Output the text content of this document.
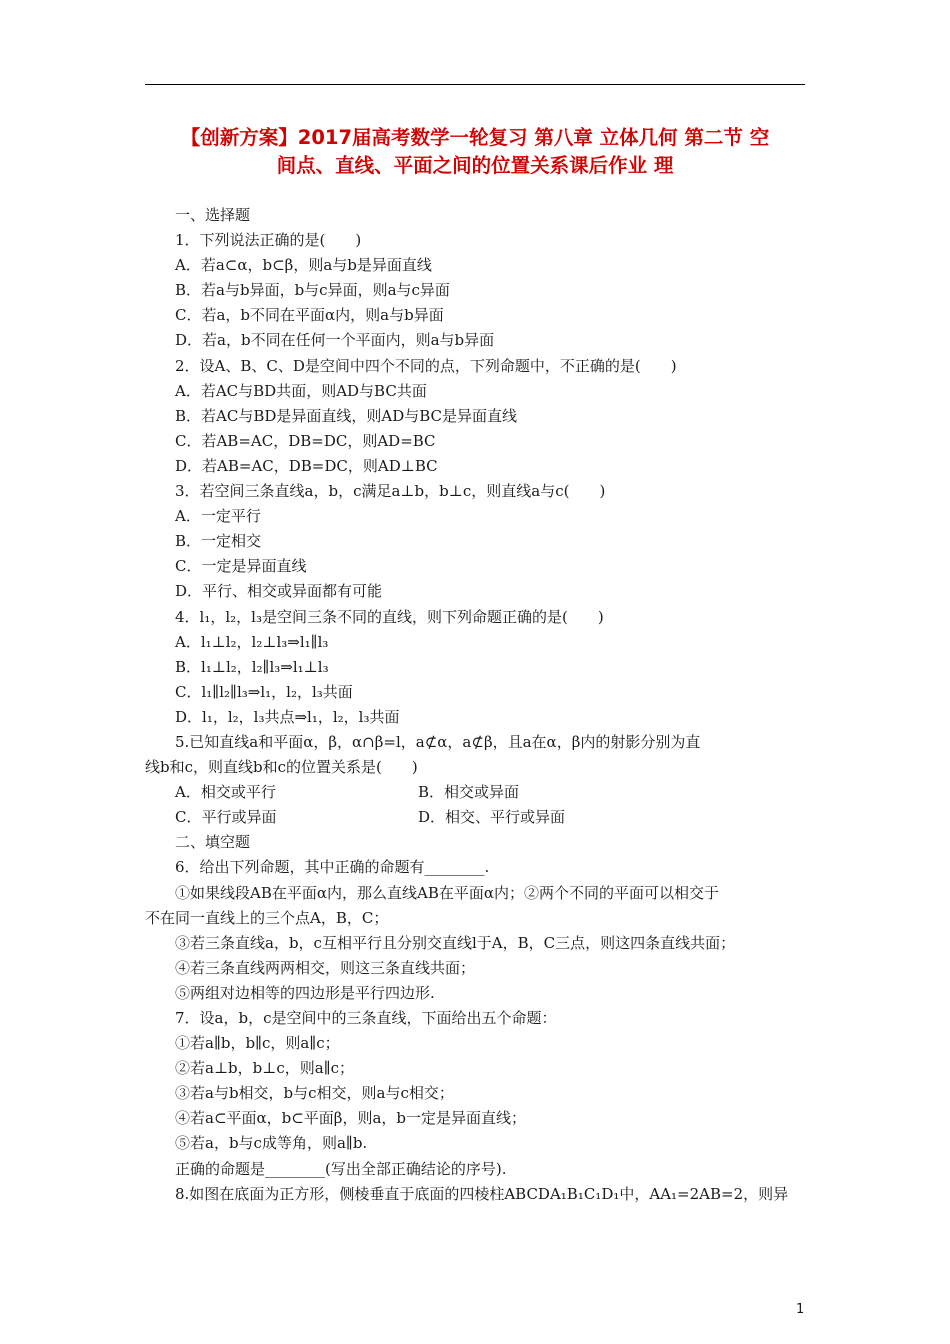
【创新方案】2017届高考数学一轮复习 第八章 立体几何 第二节 空
间点、直线、平面之间的位置关系课后作业 理
一、选择题
1．下列说法正确的是(　　)
A．若a⊂α，b⊂β，则a与b是异面直线
B．若a与b异面，b与c异面，则a与c异面
C．若a，b不同在平面α内，则a与b异面
D．若a，b不同在任何一个平面内，则a与b异面
2．设A、B、C、D是空间中四个不同的点，下列命题中，不正确的是(　　)
A．若AC与BD共面，则AD与BC共面
B．若AC与BD是异面直线，则AD与BC是异面直线
C．若AB=AC，DB=DC，则AD=BC
D．若AB=AC，DB=DC，则AD⊥BC
3．若空间三条直线a，b，c满足a⊥b，b⊥c，则直线a与c(　　)
A．一定平行
B．一定相交
C．一定是异面直线
D．平行、相交或异面都有可能
4．l₁，l₂，l₃是空间三条不同的直线，则下列命题正确的是(　　)
A．l₁⊥l₂，l₂⊥l₃⇒l₁∥l₃
B．l₁⊥l₂，l₂∥l₃⇒l₁⊥l₃
C．l₁∥l₂∥l₃⇒l₁，l₂，l₃共面
D．l₁，l₂，l₃共点⇒l₁，l₂，l₃共面
5.已知直线a和平面α，β，α∩β=l，a⊄α，a⊄β，且a在α，β内的射影分别为直
线b和c，则直线b和c的位置关系是(　　)
A．相交或平行	B．相交或异面
C．平行或异面	D．相交、平行或异面
二、填空题
6．给出下列命题，其中正确的命题有________.
①如果线段AB在平面α内，那么直线AB在平面α内；②两个不同的平面可以相交于
不在同一直线上的三个点A，B，C；
③若三条直线a，b，c互相平行且分别交直线l于A，B，C三点，则这四条直线共面；
④若三条直线两两相交，则这三条直线共面；
⑤两组对边相等的四边形是平行四边形.
7．设a，b，c是空间中的三条直线，下面给出五个命题：
①若a∥b，b∥c，则a∥c；
②若a⊥b，b⊥c，则a∥c；
③若a与b相交，b与c相交，则a与c相交；
④若a⊂平面α，b⊂平面β，则a，b一定是异面直线；
⑤若a，b与c成等角，则a∥b.
正确的命题是________(写出全部正确结论的序号).
8.如图在底面为正方形，侧棱垂直于底面的四棱柱ABCDA₁B₁C₁D₁中，AA₁=2AB=2，则异
1
